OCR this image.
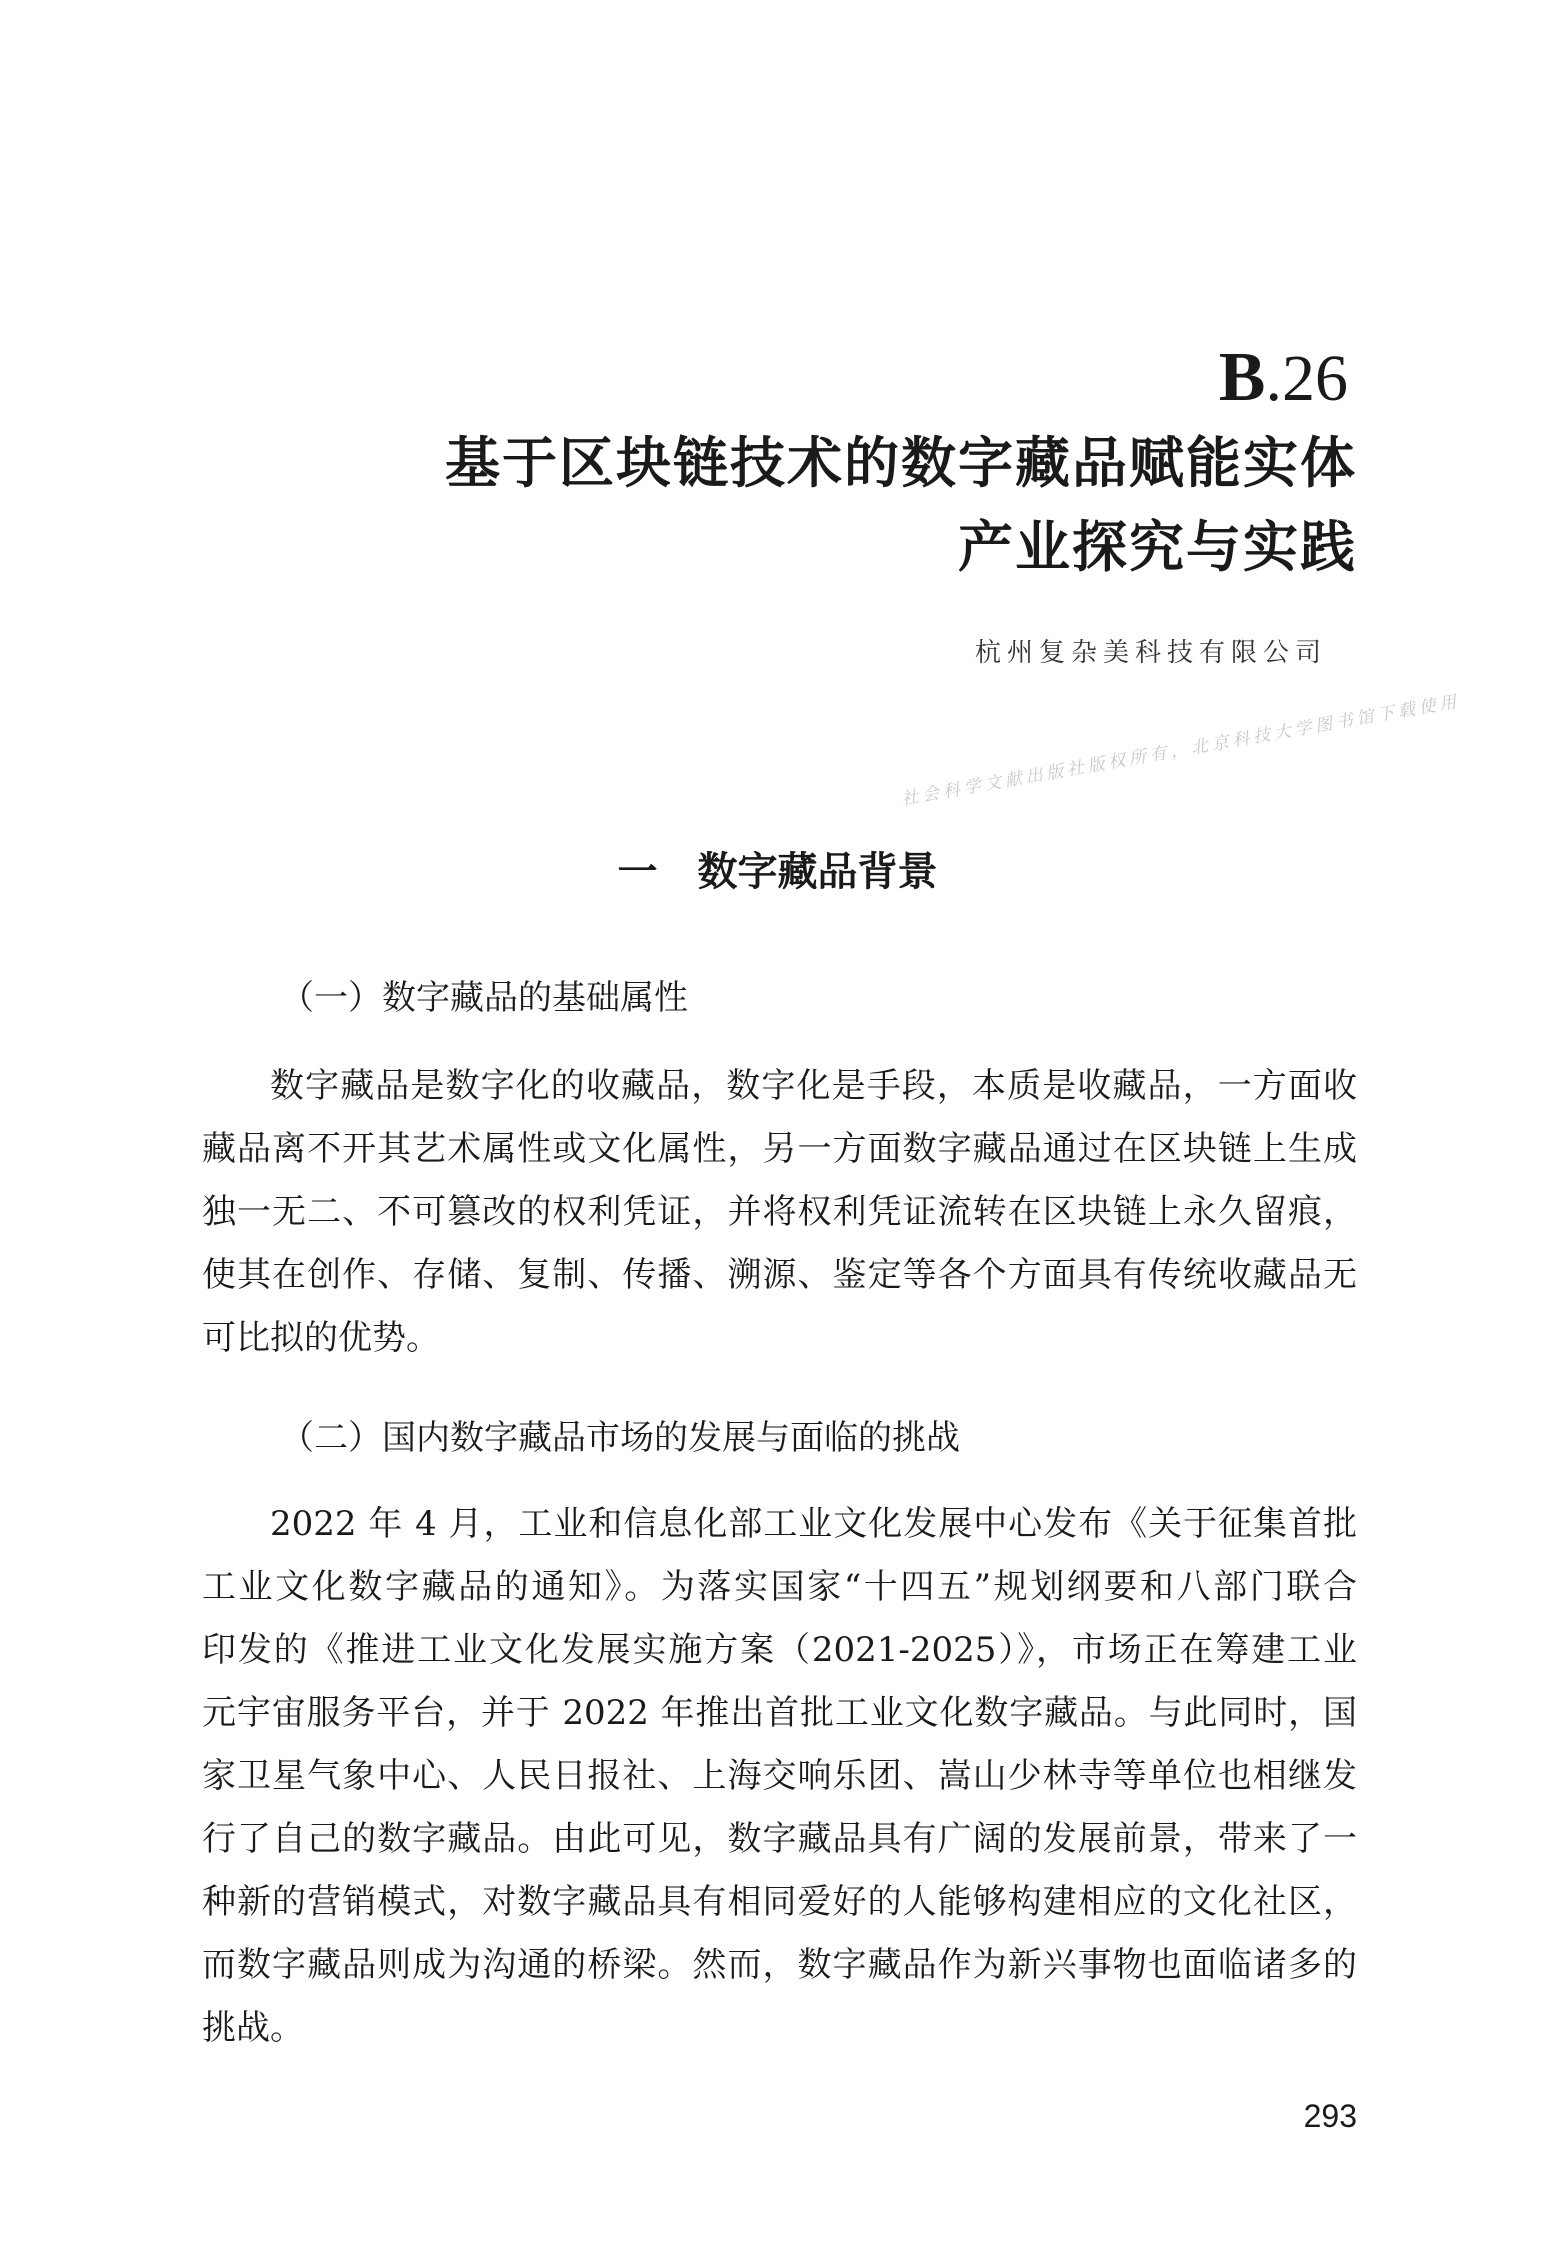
B.26
基于区块链技术的数字藏品赋能实体
产业探究与实践
杭州复杂美科技有限公司
社会科学文献出版社版权所有，北京科技大学图书馆下载使用
一　数字藏品背景
（一）数字藏品的基础属性
数字藏品是数字化的收藏品，数字化是手段，本质是收藏品，一方面收
藏品离不开其艺术属性或文化属性，另一方面数字藏品通过在区块链上生成
独一无二、不可篡改的权利凭证，并将权利凭证流转在区块链上永久留痕，
使其在创作、存储、复制、传播、溯源、鉴定等各个方面具有传统收藏品无
可比拟的优势。
（二）国内数字藏品市场的发展与面临的挑战
2022 年 4 月，工业和信息化部工业文化发展中心发布《关于征集首批
工业文化数字藏品的通知》。为落实国家“十四五”规划纲要和八部门联合
印发的《推进工业文化发展实施方案（2021-2025）》，市场正在筹建工业
元宇宙服务平台，并于 2022 年推出首批工业文化数字藏品。与此同时，国
家卫星气象中心、人民日报社、上海交响乐团、嵩山少林寺等单位也相继发
行了自己的数字藏品。由此可见，数字藏品具有广阔的发展前景，带来了一
种新的营销模式，对数字藏品具有相同爱好的人能够构建相应的文化社区，
而数字藏品则成为沟通的桥梁。然而，数字藏品作为新兴事物也面临诸多的
挑战。
293
